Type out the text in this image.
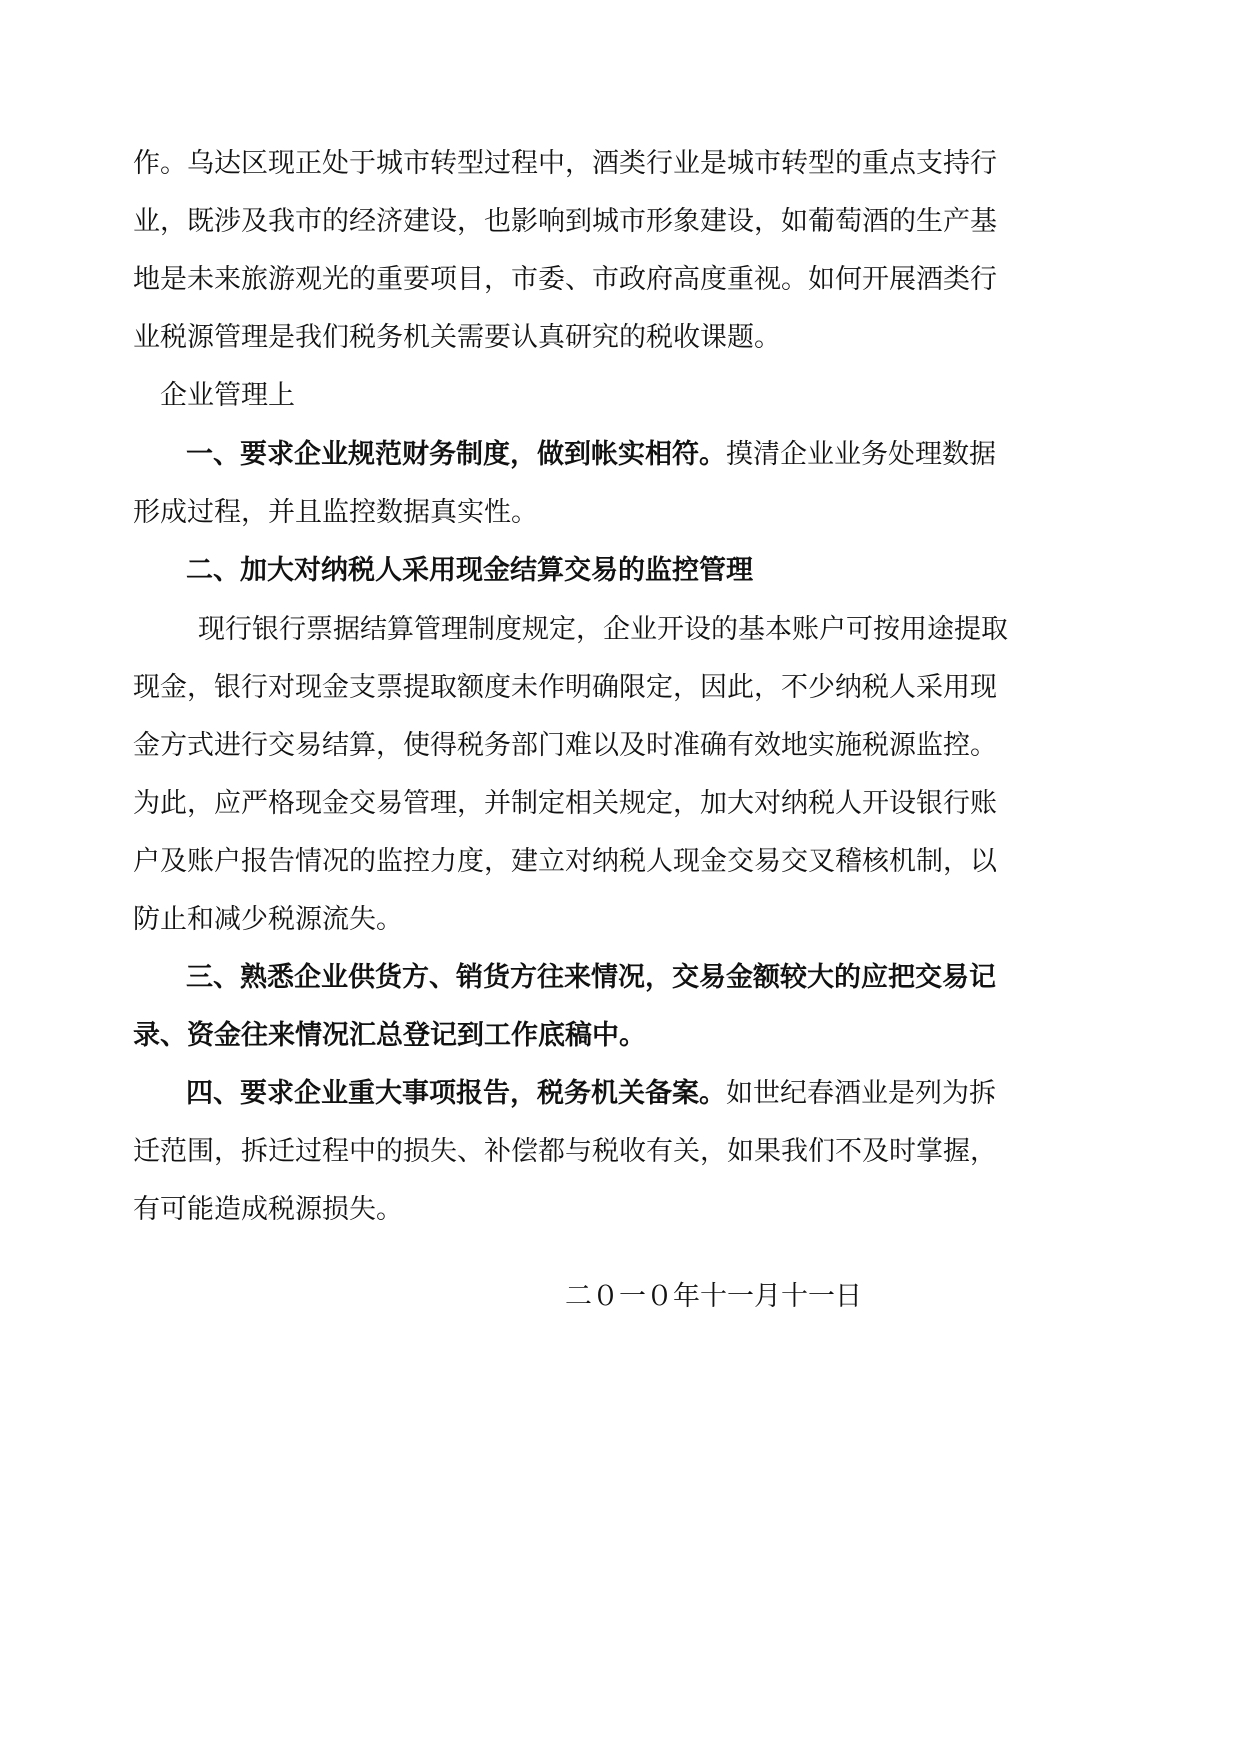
作。乌达区现正处于城市转型过程中，酒类行业是城市转型的重点支持行
业，既涉及我市的经济建设，也影响到城市形象建设，如葡萄酒的生产基
地是未来旅游观光的重要项目，市委、市政府高度重视。如何开展酒类行
业税源管理是我们税务机关需要认真研究的税收课题。
企业管理上
一、要求企业规范财务制度，做到帐实相符。摸清企业业务处理数据
形成过程，并且监控数据真实性。
二、加大对纳税人采用现金结算交易的监控管理
现行银行票据结算管理制度规定，企业开设的基本账户可按用途提取
现金，银行对现金支票提取额度未作明确限定，因此，不少纳税人采用现
金方式进行交易结算，使得税务部门难以及时准确有效地实施税源监控。
为此，应严格现金交易管理，并制定相关规定，加大对纳税人开设银行账
户及账户报告情况的监控力度，建立对纳税人现金交易交叉稽核机制，以
防止和减少税源流失。
三、熟悉企业供货方、销货方往来情况，交易金额较大的应把交易记
录、资金往来情况汇总登记到工作底稿中。
四、要求企业重大事项报告，税务机关备案。如世纪春酒业是列为拆
迁范围，拆迁过程中的损失、补偿都与税收有关，如果我们不及时掌握，
有可能造成税源损失。
二０一０年十一月十一日
